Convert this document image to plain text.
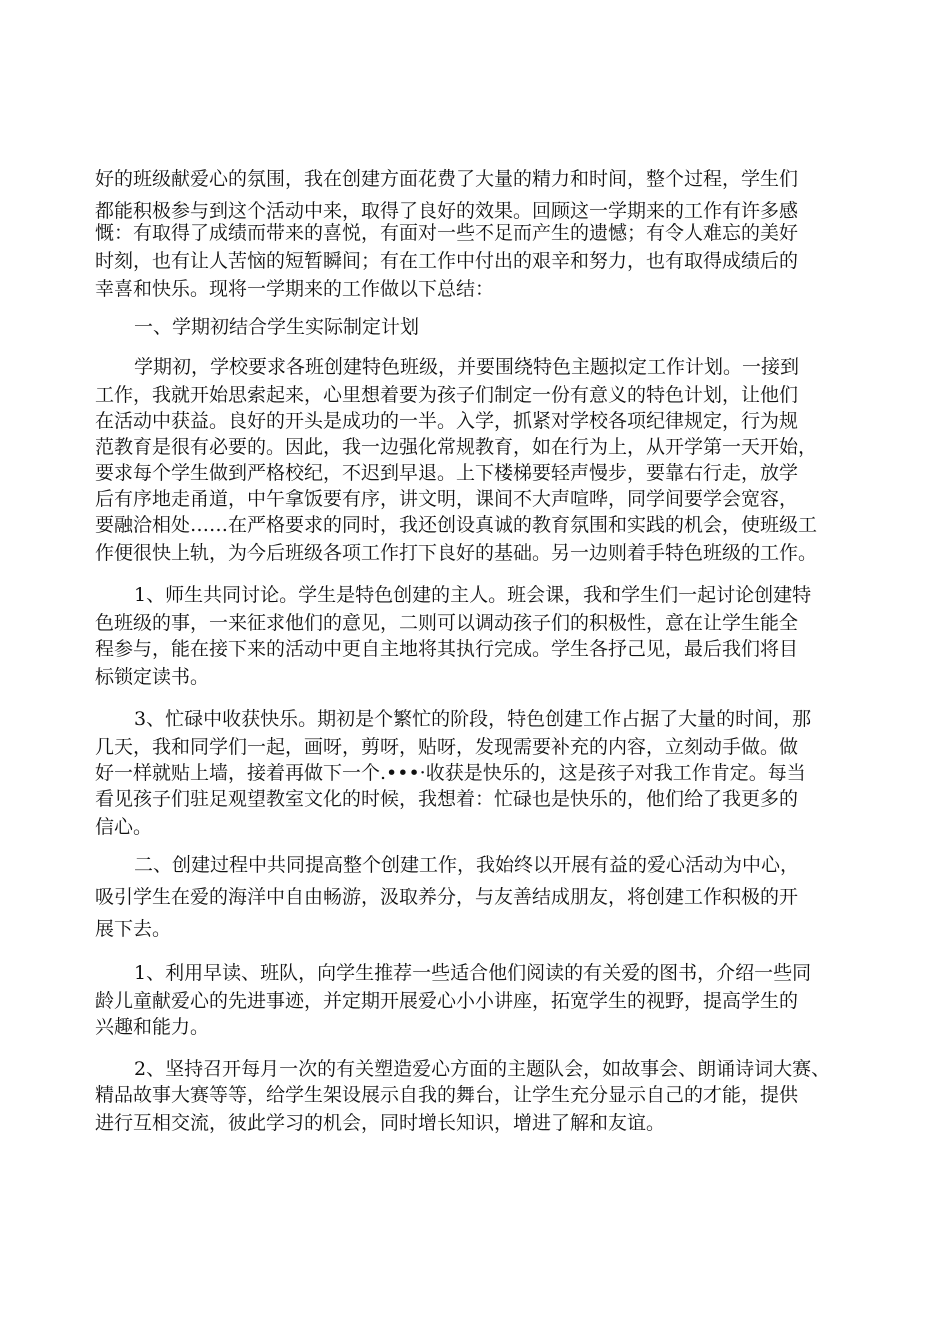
好的班级献爱心的氛围，我在创建方面花费了大量的精力和时间，整个过程，学生们
都能积极参与到这个活动中来，取得了良好的效果。回顾这一学期来的工作有许多感
慨：有取得了成绩而带来的喜悦，有面对一些不足而产生的遗憾；有令人难忘的美好
时刻，也有让人苦恼的短暂瞬间；有在工作中付出的艰辛和努力，也有取得成绩后的
幸喜和快乐。现将一学期来的工作做以下总结：
一、学期初结合学生实际制定计划
学期初，学校要求各班创建特色班级，并要围绕特色主题拟定工作计划。一接到
工作，我就开始思索起来，心里想着要为孩子们制定一份有意义的特色计划，让他们
在活动中获益。良好的开头是成功的一半。入学，抓紧对学校各项纪律规定，行为规
范教育是很有必要的。因此，我一边强化常规教育，如在行为上，从开学第一天开始，
要求每个学生做到严格校纪，不迟到早退。上下楼梯要轻声慢步，要靠右行走，放学
后有序地走甬道，中午拿饭要有序，讲文明，课间不大声喧哗，同学间要学会宽容，
要融洽相处……在严格要求的同时，我还创设真诚的教育氛围和实践的机会，使班级工
作便很快上轨，为今后班级各项工作打下良好的基础。另一边则着手特色班级的工作。
1、师生共同讨论。学生是特色创建的主人。班会课，我和学生们一起讨论创建特
色班级的事，一来征求他们的意见，二则可以调动孩子们的积极性，意在让学生能全
程参与，能在接下来的活动中更自主地将其执行完成。学生各抒己见，最后我们将目
标锁定读书。
3、忙碌中收获快乐。期初是个繁忙的阶段，特色创建工作占据了大量的时间，那
几天，我和同学们一起，画呀，剪呀，贴呀，发现需要补充的内容，立刻动手做。做
好一样就贴上墙，接着再做下一个.•••·收获是快乐的，这是孩子对我工作肯定。每当
看见孩子们驻足观望教室文化的时候，我想着：忙碌也是快乐的，他们给了我更多的
信心。
二、创建过程中共同提高整个创建工作，我始终以开展有益的爱心活动为中心，
吸引学生在爱的海洋中自由畅游，汲取养分，与友善结成朋友，将创建工作积极的开
展下去。
1、利用早读、班队，向学生推荐一些适合他们阅读的有关爱的图书，介绍一些同
龄儿童献爱心的先进事迹，并定期开展爱心小小讲座，拓宽学生的视野，提高学生的
兴趣和能力。
2、坚持召开每月一次的有关塑造爱心方面的主题队会，如故事会、朗诵诗词大赛、
精品故事大赛等等，给学生架设展示自我的舞台，让学生充分显示自己的才能，提供
进行互相交流，彼此学习的机会，同时增长知识，增进了解和友谊。
